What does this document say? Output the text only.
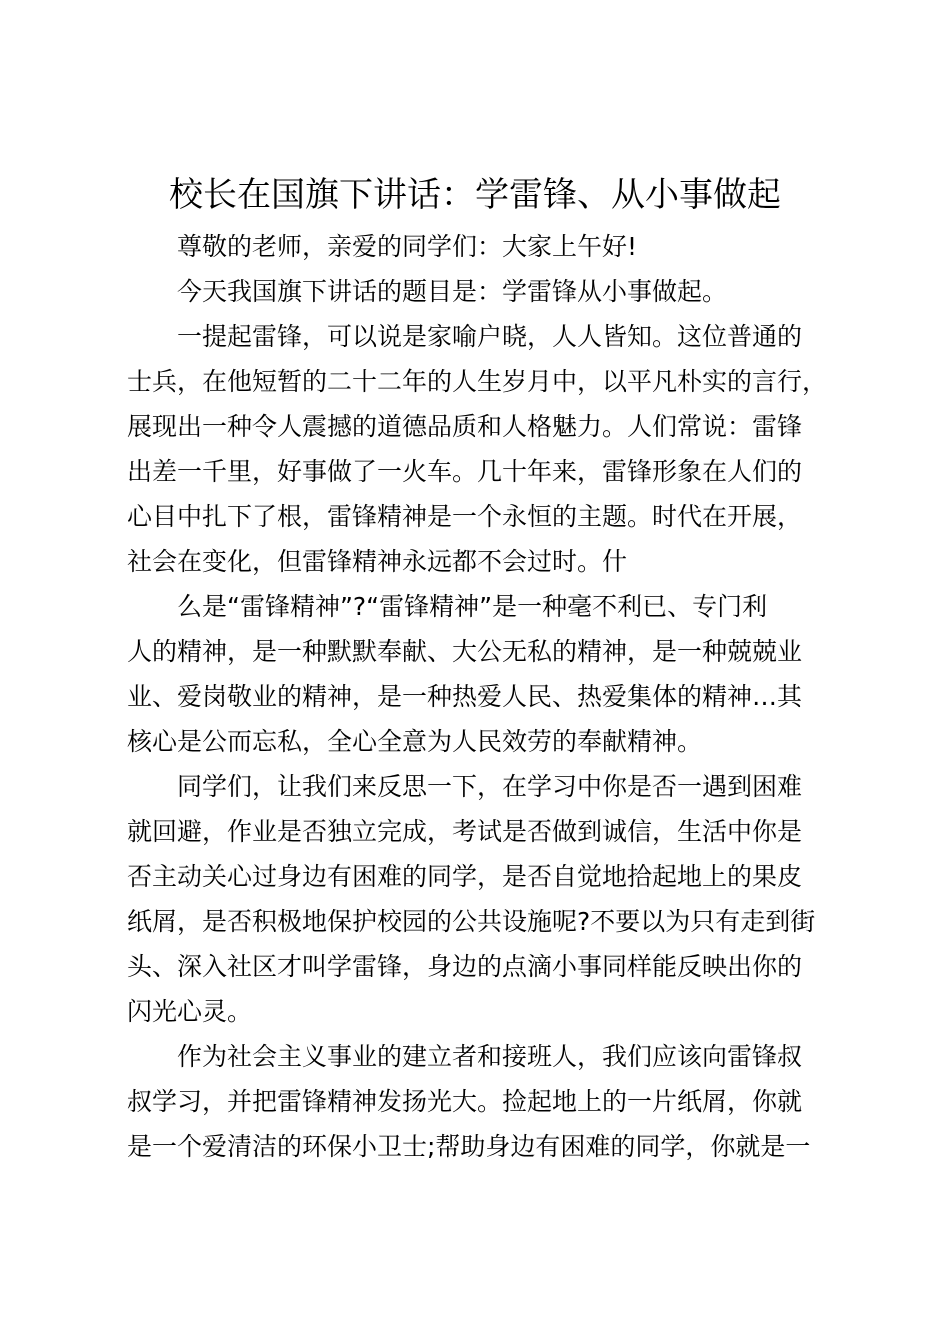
校长在国旗下讲话：学雷锋、从小事做起
尊敬的老师，亲爱的同学们：大家上午好!
今天我国旗下讲话的题目是：学雷锋从小事做起。
一提起雷锋，可以说是家喻户晓，人人皆知。这位普通的
士兵，在他短暂的二十二年的人生岁月中，以平凡朴实的言行，
展现出一种令人震撼的道德品质和人格魅力。人们常说：雷锋
出差一千里，好事做了一火车。几十年来，雷锋形象在人们的
心目中扎下了根，雷锋精神是一个永恒的主题。时代在开展，
社会在变化，但雷锋精神永远都不会过时。什
么是“雷锋精神”?“雷锋精神”是一种毫不利已、专门利
人的精神，是一种默默奉献、大公无私的精神，是一种兢兢业
业、爱岗敬业的精神，是一种热爱人民、热爱集体的精神…其
核心是公而忘私，全心全意为人民效劳的奉献精神。
同学们，让我们来反思一下，在学习中你是否一遇到困难
就回避，作业是否独立完成，考试是否做到诚信，生活中你是
否主动关心过身边有困难的同学，是否自觉地拾起地上的果皮
纸屑，是否积极地保护校园的公共设施呢?不要以为只有走到街
头、深入社区才叫学雷锋，身边的点滴小事同样能反映出你的
闪光心灵。
作为社会主义事业的建立者和接班人，我们应该向雷锋叔
叔学习，并把雷锋精神发扬光大。捡起地上的一片纸屑，你就
是一个爱清洁的环保小卫士;帮助身边有困难的同学，你就是一
